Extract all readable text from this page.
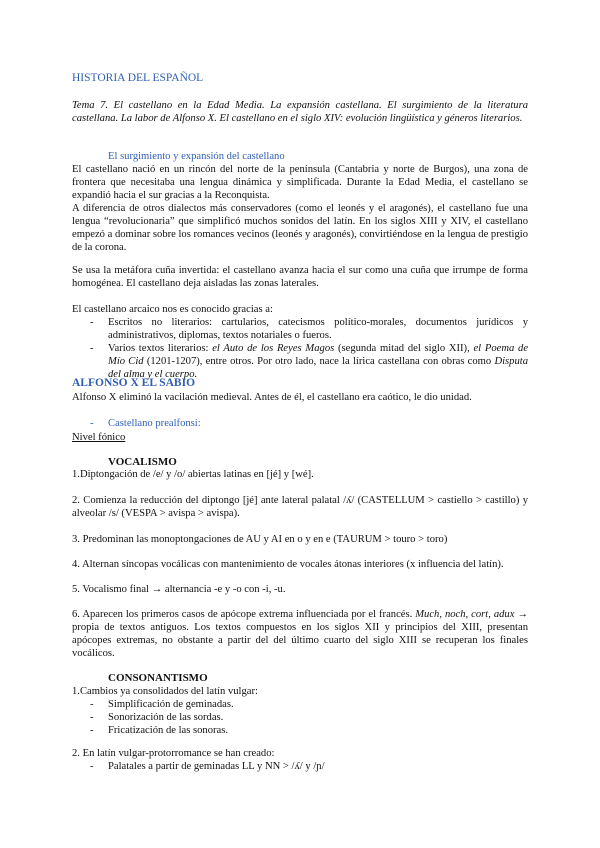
HISTORIA DEL ESPAÑOL
Tema 7. El castellano en la Edad Media. La expansión castellana. El surgimiento de la literatura castellana. La labor de Alfonso X. El castellano en el siglo XIV: evolución lingüística y géneros literarios.
El surgimiento y expansión del castellano
El castellano nació en un rincón del norte de la península (Cantabria y norte de Burgos), una zona de frontera que necesitaba una lengua dinámica y simplificada. Durante la Edad Media, el castellano se expandió hacia el sur gracias a la Reconquista.
A diferencia de otros dialectos más conservadores (como el leonés y el aragonés), el castellano fue una lengua “revolucionaria” que simplificó muchos sonidos del latín. En los siglos XIII y XIV, el castellano empezó a dominar sobre los romances vecinos (leonés y aragonés), convirtiéndose en la lengua de prestigio de la corona.
Se usa la metáfora cuña invertida: el castellano avanza hacia el sur como una cuña que irrumpe de forma homogénea. El castellano deja aisladas las zonas laterales.
El castellano arcaico nos es conocido gracias a:
- Escritos no literarios: cartularios, catecismos político-morales, documentos jurídicos y administrativos, diplomas, textos notariales o fueros.
- Varios textos literarios: el Auto de los Reyes Magos (segunda mitad del siglo XII), el Poema de Mío Cid (1201-1207), entre otros. Por otro lado, nace la lírica castellana con obras como Disputa del alma y el cuerpo.
ALFONSO X EL SABIO
Alfonso X eliminó la vacilación medieval. Antes de él, el castellano era caótico, le dio unidad.
- Castellano prealfonsí:
Nivel fónico
VOCALISMO
1.Diptongación de /e/ y /o/ abiertas latinas en [jé] y [wé].
2. Comienza la reducción del diptongo [jé] ante lateral palatal /ʎ/ (CASTELLUM > castiello > castillo) y alveolar /s/ (VESPA > avispa > avispa).
3. Predominan las monoptongaciones de AU y AI en o y en e (TAURUM > touro > toro)
4. Alternan síncopas vocálicas con mantenimiento de vocales átonas interiores (x influencia del latín).
5. Vocalismo final → alternancia -e y -o con -i, -u.
6. Aparecen los primeros casos de apócope extrema influenciada por el francés. Much, noch, cort, adux → propia de textos antiguos. Los textos compuestos en los siglos XII y principios del XIII, presentan apócopes extremas, no obstante a partir del del último cuarto del siglo XIII se recuperan los finales vocálicos.
CONSONANTISMO
1.Cambios ya consolidados del latín vulgar:
- Simplificación de geminadas.
- Sonorización de las sordas.
- Fricatización de las sonoras.
2. En latín vulgar-protorromance se han creado:
- Palatales a partir de geminadas LL y NN > /ʎ/ y /ɲ/
